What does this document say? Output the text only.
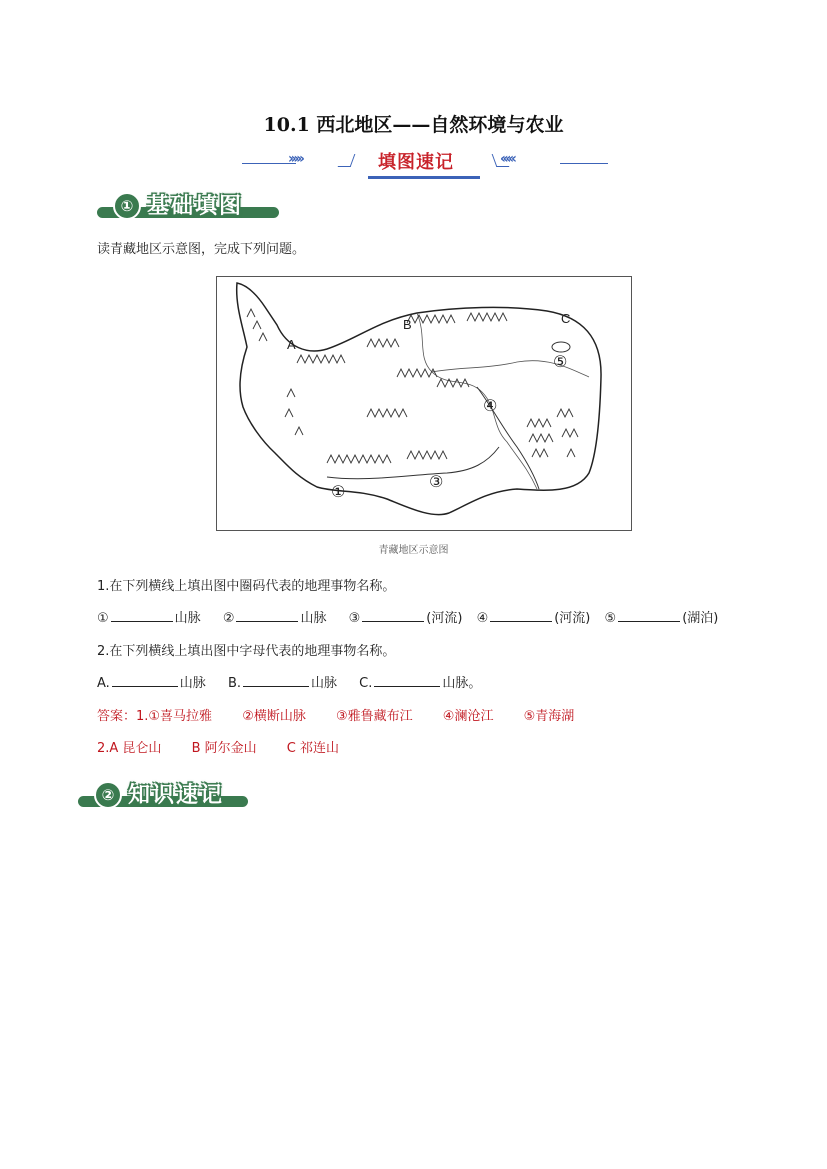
10.1 西北地区——自然环境与农业
›››››	填图速记	‹‹‹‹‹
① 基础填图
读青藏地区示意图，完成下列问题。
A
B	C
①
③
④
⑤
青藏地区示意图
1.在下列横线上填出图中圈码代表的地理事物名称。
①	山脉 ②	山脉 ③	(河流) ④	(河流) ⑤	(湖泊)
2.在下列横线上填出图中字母代表的地理事物名称。
A.	山脉 B.	山脉 C.	山脉。
答案：1.①喜马拉雅 ②横断山脉 ③雅鲁藏布江 ④澜沧江 ⑤青海湖
2.A 昆仑山 B 阿尔金山 C 祁连山
② 知识速记
